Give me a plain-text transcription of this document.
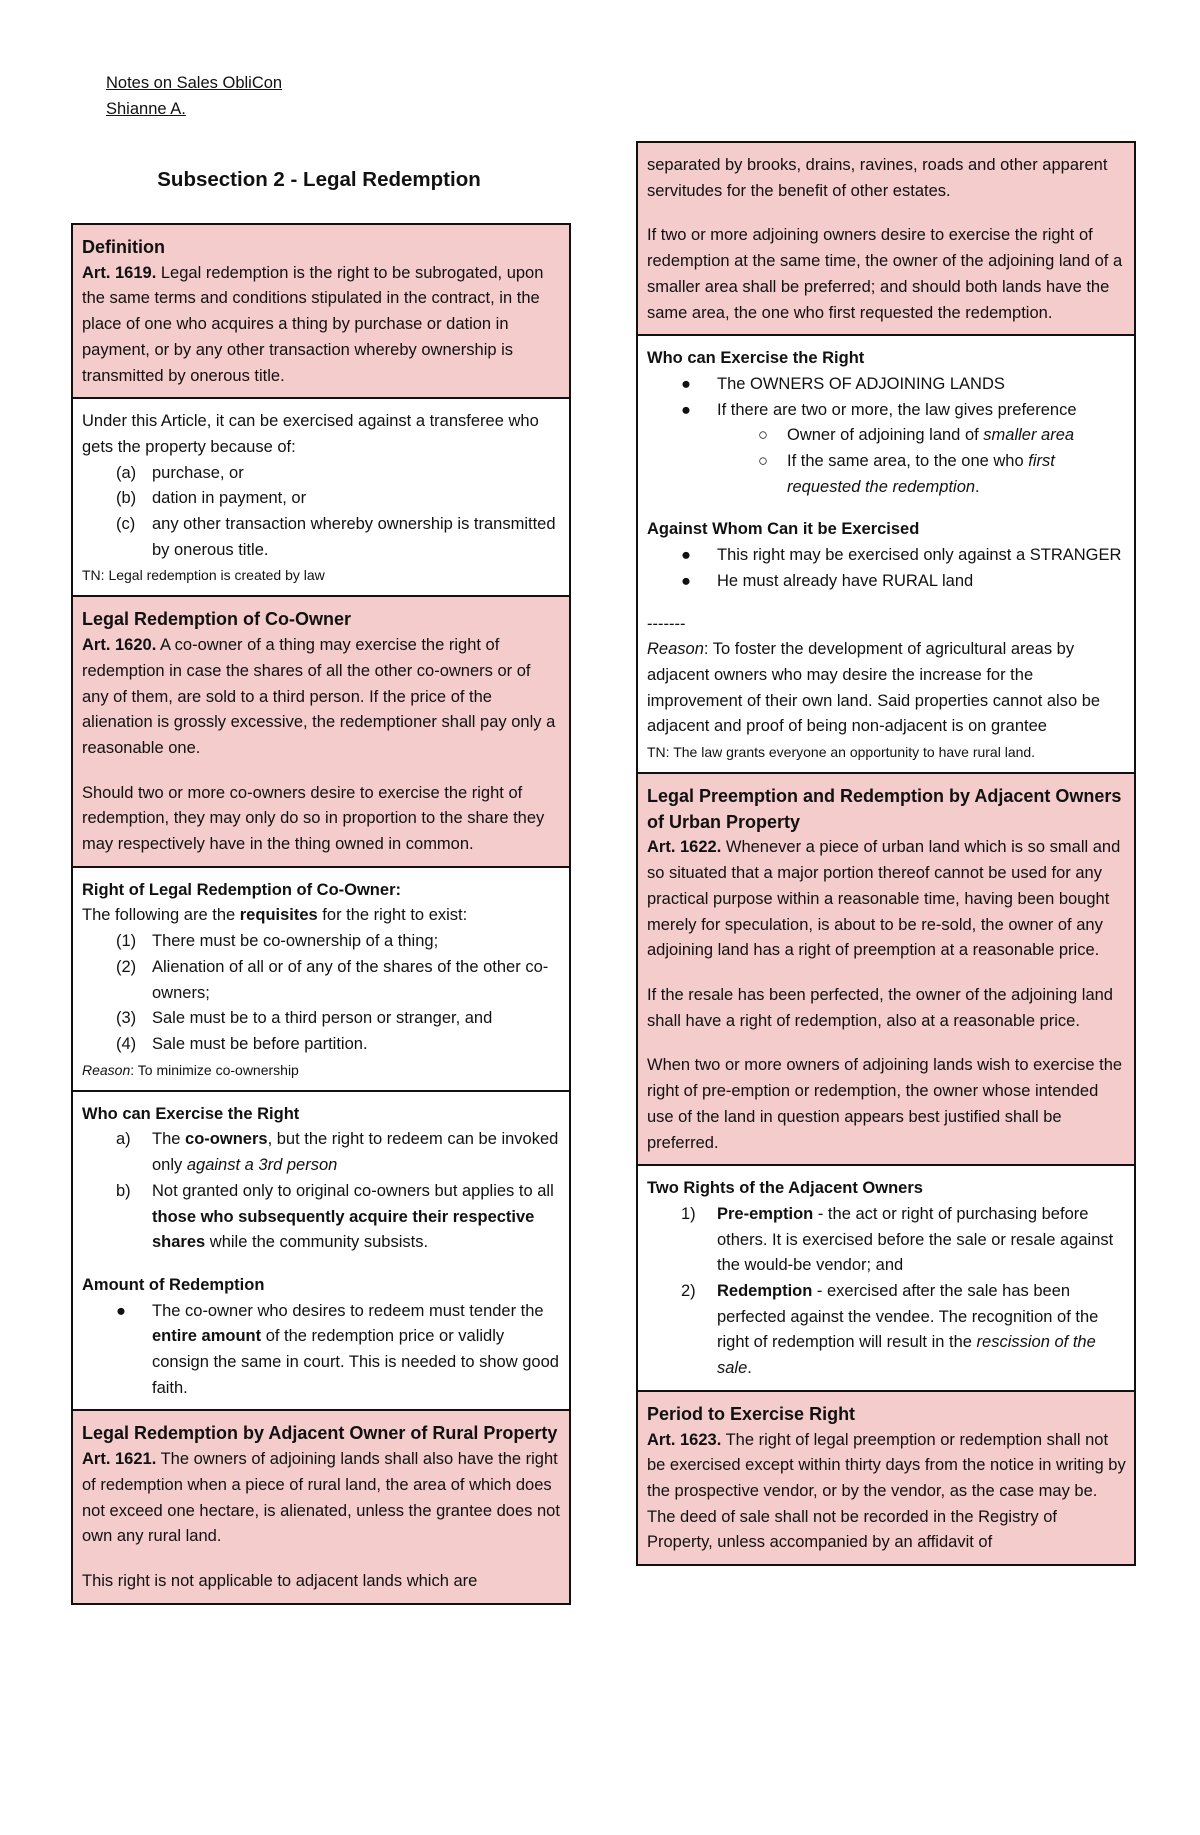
Notes on Sales ObliCon
Shianne A.
Subsection 2 - Legal Redemption
Definition
Art. 1619. Legal redemption is the right to be subrogated, upon the same terms and conditions stipulated in the contract, in the place of one who acquires a thing by purchase or dation in payment, or by any other transaction whereby ownership is transmitted by onerous title.
Under this Article, it can be exercised against a transferee who gets the property because of:
(a) purchase, or
(b) dation in payment, or
(c) any other transaction whereby ownership is transmitted by onerous title.
TN: Legal redemption is created by law
Legal Redemption of Co-Owner

Art. 1620. A co-owner of a thing may exercise the right of redemption in case the shares of all the other co-owners or of any of them, are sold to a third person. If the price of the alienation is grossly excessive, the redemptioner shall pay only a reasonable one.

Should two or more co-owners desire to exercise the right of redemption, they may only do so in proportion to the share they may respectively have in the thing owned in common.

Right of Legal Redemption of Co-Owner:
The following are the requisites for the right to exist:
(1) There must be co-ownership of a thing;
(2) Alienation of all or of any of the shares of the other co-owners;
(3) Sale must be to a third person or stranger, and
(4) Sale must be before partition.
Reason: To minimize co-ownership
Who can Exercise the Right
a) The co-owners, but the right to redeem can be invoked only against a 3rd person
b) Not granted only to original co-owners but applies to all those who subsequently acquire their respective shares while the community subsists.
Amount of Redemption
● The co-owner who desires to redeem must tender the entire amount of the redemption price or validly consign the same in court. This is needed to show good faith.
Legal Redemption by Adjacent Owner of Rural Property

Art. 1621. The owners of adjoining lands shall also have the right of redemption when a piece of rural land, the area of which does not exceed one hectare, is alienated, unless the grantee does not own any rural land.

This right is not applicable to adjacent lands which are

separated by brooks, drains, ravines, roads and other apparent servitudes for the benefit of other estates.

If two or more adjoining owners desire to exercise the right of redemption at the same time, the owner of the adjoining land of a smaller area shall be preferred; and should both lands have the same area, the one who first requested the redemption.

Who can Exercise the Right
● The OWNERS OF ADJOINING LANDS
● If there are two or more, the law gives preference
○ Owner of adjoining land of smaller area
○ If the same area, to the one who first requested the redemption.
Against Whom Can it be Exercised
● This right may be exercised only against a STRANGER
● He must already have RURAL land
-------
Reason: To foster the development of agricultural areas by adjacent owners who may desire the increase for the improvement of their own land. Said properties cannot also be adjacent and proof of being non-adjacent is on grantee
TN: The law grants everyone an opportunity to have rural land.
Legal Preemption and Redemption by Adjacent Owners of Urban Property

Art. 1622. Whenever a piece of urban land which is so small and so situated that a major portion thereof cannot be used for any practical purpose within a reasonable time, having been bought merely for speculation, is about to be re-sold, the owner of any adjoining land has a right of preemption at a reasonable price.

If the resale has been perfected, the owner of the adjoining land shall have a right of redemption, also at a reasonable price.

When two or more owners of adjoining lands wish to exercise the right of pre-emption or redemption, the owner whose intended use of the land in question appears best justified shall be preferred.

Two Rights of the Adjacent Owners
1) Pre-emption - the act or right of purchasing before others. It is exercised before the sale or resale against the would-be vendor; and
2) Redemption - exercised after the sale has been perfected against the vendee. The recognition of the right of redemption will result in the rescission of the sale.
Period to Exercise Right
Art. 1623. The right of legal preemption or redemption shall not be exercised except within thirty days from the notice in writing by the prospective vendor, or by the vendor, as the case may be. The deed of sale shall not be recorded in the Registry of Property, unless accompanied by an affidavit of
